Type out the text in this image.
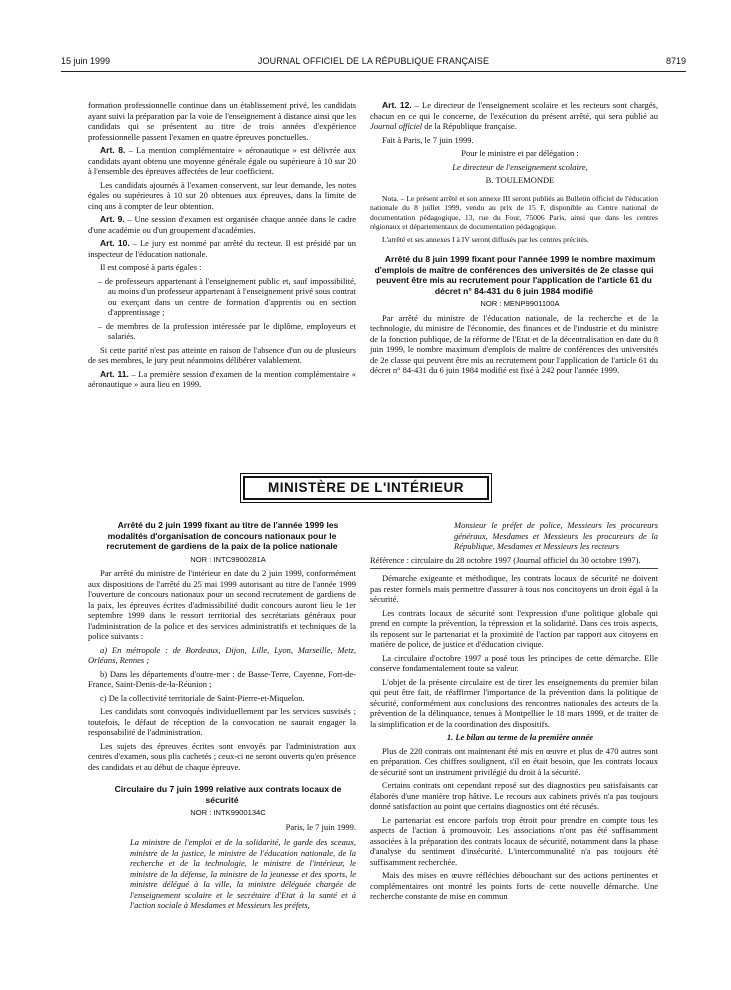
15 juin 1999	JOURNAL OFFICIEL DE LA RÉPUBLIQUE FRANÇAISE	8719

formation professionnelle continue dans un établissement privé, les candidats ayant suivi la préparation par la voie de l'enseignement à distance ainsi que les candidats qui se présentent au titre de trois années d'expérience professionnelle passent l'examen en quatre épreuves ponctuelles.

Art. 8. – La mention complémentaire « aéronautique » est délivrée aux candidats ayant obtenu une moyenne générale égale ou supérieure à 10 sur 20 à l'ensemble des épreuves affectées de leur coefficient.

Les candidats ajournés à l'examen conservent, sur leur demande, les notes égales ou supérieures à 10 sur 20 obtenues aux épreuves, dans la limite de cinq ans à compter de leur obtention.

Art. 9. – Une session d'examen est organisée chaque année dans le cadre d'une académie ou d'un groupement d'académies.

Art. 10. – Le jury est nommé par arrêté du recteur. Il est présidé par un inspecteur de l'éducation nationale.

Il est composé à parts égales :

– de professeurs appartenant à l'enseignement public et, sauf impossibilité, au moins d'un professeur appartenant à l'enseignement privé sous contrat ou exerçant dans un centre de formation d'apprentis ou en section d'apprentissage ;

– de membres de la profession intéressée par le diplôme, employeurs et salariés.

Si cette parité n'est pas atteinte en raison de l'absence d'un ou de plusieurs de ses membres, le jury peut néanmoins délibérer valablement.

Art. 11. – La première session d'examen de la mention complémentaire « aéronautique » aura lieu en 1999.

Art. 12. – Le directeur de l'enseignement scolaire et les recteurs sont chargés, chacun en ce qui le concerne, de l'exécution du présent arrêté, qui sera publié au Journal officiel de la République française.

Fait à Paris, le 7 juin 1999.

Pour le ministre et par délégation :

Le directeur de l'enseignement scolaire,

B. TOULEMONDE

Nota. – Le présent arrêté et son annexe III seront publiés au Bulletin officiel de l'éducation nationale du 8 juillet 1999, vendu au prix de 15 F, disponible au Centre national de documentation pédagogique, 13, rue du Four, 75006 Paris, ainsi que dans les centres régionaux et départementaux de documentation pédagogique.

L'arrêté et ses annexes I à IV seront diffusés par les centres précités.

Arrêté du 8 juin 1999 fixant pour l'année 1999 le nombre maximum d'emplois de maître de conférences des universités de 2e classe qui peuvent être mis au recrutement pour l'application de l'article 61 du décret n° 84-431 du 6 juin 1984 modifié

NOR : MENP9901100A

Par arrêté du ministre de l'éducation nationale, de la recherche et de la technologie, du ministre de l'économie, des finances et de l'industrie et du ministre de la fonction publique, de la réforme de l'Etat et de la décentralisation en date du 8 juin 1999, le nombre maximum d'emplois de maître de conférences des universités de 2e classe qui peuvent être mis au recrutement pour l'application de l'article 61 du décret n° 84-431 du 6 juin 1984 modifié est fixé à 242 pour l'année 1999.

MINISTÈRE DE L'INTÉRIEUR

Arrêté du 2 juin 1999 fixant au titre de l'année 1999 les modalités d'organisation de concours nationaux pour le recrutement de gardiens de la paix de la police nationale

NOR : INTC9900281A

Par arrêté du ministre de l'intérieur en date du 2 juin 1999, conformément aux dispositions de l'arrêté du 25 mai 1999 autorisant au titre de l'année 1999 l'ouverture de concours nationaux pour un second recrutement de gardiens de la paix, les épreuves écrites d'admissibilité dudit concours auront lieu le 1er septembre 1999 dans le ressort territorial des secrétariats généraux pour l'administration de la police et des services administratifs et techniques de la police suivants :

a) En métropole : de Bordeaux, Dijon, Lille, Lyon, Marseille, Metz, Orléans, Rennes ;

b) Dans les départements d'outre-mer : de Basse-Terre, Cayenne, Fort-de-France, Saint-Denis-de-la-Réunion ;

c) De la collectivité territoriale de Saint-Pierre-et-Miquelon.

Les candidats sont convoqués individuellement par les services susvisés ; toutefois, le défaut de réception de la convocation ne saurait engager la responsabilité de l'administration.

Les sujets des épreuves écrites sont envoyés par l'administration aux centres d'examen, sous plis cachetés ; ceux-ci ne seront ouverts qu'en présence des candidats et au début de chaque épreuve.

Circulaire du 7 juin 1999 relative aux contrats locaux de sécurité

NOR : INTK9900134C

Paris, le 7 juin 1999.

La ministre de l'emploi et de la solidarité, le garde des sceaux, ministre de la justice, le ministre de l'éducation nationale, de la recherche et de la technologie, le ministre de l'intérieur, le ministre de la défense, la ministre de la jeunesse et des sports, le ministre délégué à la ville, la ministre déléguée chargée de l'enseignement scolaire et le secrétaire d'Etat à la santé et à l'action sociale à Mesdames et Messieurs les préfets,

Monsieur le préfet de police, Messieurs les procureurs généraux, Mesdames et Messieurs les procureurs de la République, Mesdames et Messieurs les recteurs

Référence : circulaire du 28 octobre 1997 (Journal officiel du 30 octobre 1997).

Démarche exigeante et méthodique, les contrats locaux de sécurité ne doivent pas rester formels mais permettre d'assurer à tous nos concitoyens un droit égal à la sécurité.

Les contrats locaux de sécurité sont l'expression d'une politique globale qui prend en compte la prévention, la répression et la solidarité. Dans ces trois aspects, ils reposent sur le partenariat et la proximité de l'action par rapport aux citoyens en matière de police, de justice et d'éducation civique.

La circulaire d'octobre 1997 a posé tous les principes de cette démarche. Elle conserve fondamentalement toute sa valeur.

L'objet de la présente circulaire est de tirer les enseignements du premier bilan qui peut être fait, de réaffirmer l'importance de la prévention dans la politique de sécurité, conformément aux conclusions des rencontres nationales des acteurs de la prévention de la délinquance, tenues à Montpellier le 18 mars 1999, et de traiter de la simplification et de la coordination des dispositifs.

1. Le bilan au terme de la première année

Plus de 220 contrats ont maintenant été mis en œuvre et plus de 470 autres sont en préparation. Ces chiffres soulignent, s'il en était besoin, que les contrats locaux de sécurité sont un instrument privilégié du droit à la sécurité.

Certains contrats ont cependant reposé sur des diagnostics peu satisfaisants car élaborés d'une manière trop hâtive. Le recours aux cabinets privés n'a pas toujours donné satisfaction au point que certains diagnostics ont été récusés.

Le partenariat est encore parfois trop étroit pour prendre en compte tous les aspects de l'action à promouvoir. Les associations n'ont pas été suffisamment associées à la préparation des contrats locaux de sécurité, notamment dans la phase d'analyse du sentiment d'insécurité. L'intercommunalité n'a pas toujours été suffisamment recherchée.

Mais des mises en œuvre réfléchies débouchant sur des actions pertinentes et complémentaires ont montré les points forts de cette nouvelle démarche. Une recherche constante de mise en commun
